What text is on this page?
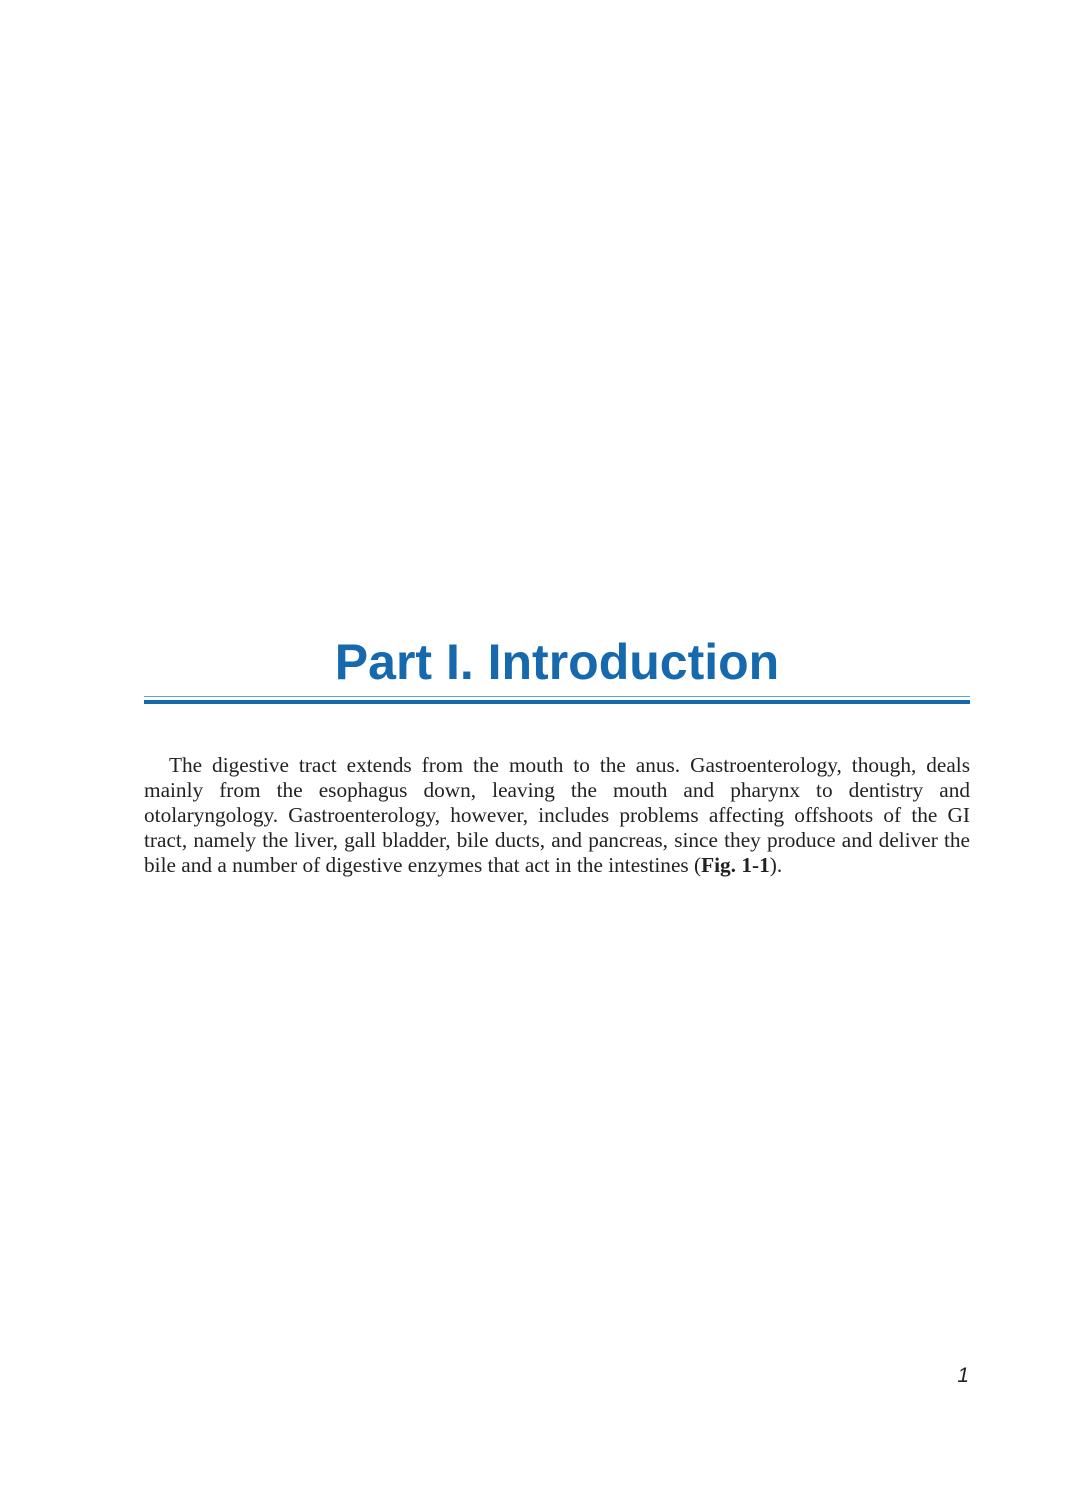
Part I. Introduction

The digestive tract extends from the mouth to the anus. Gastroenterology, though, deals mainly from the esophagus down, leaving the mouth and pharynx to dentistry and otolaryngology. Gastroenterology, however, includes problems affecting offshoots of the GI tract, namely the liver, gall bladder, bile ducts, and pancreas, since they produce and deliver the bile and a number of digestive enzymes that act in the intestines (Fig. 1-1).

1
